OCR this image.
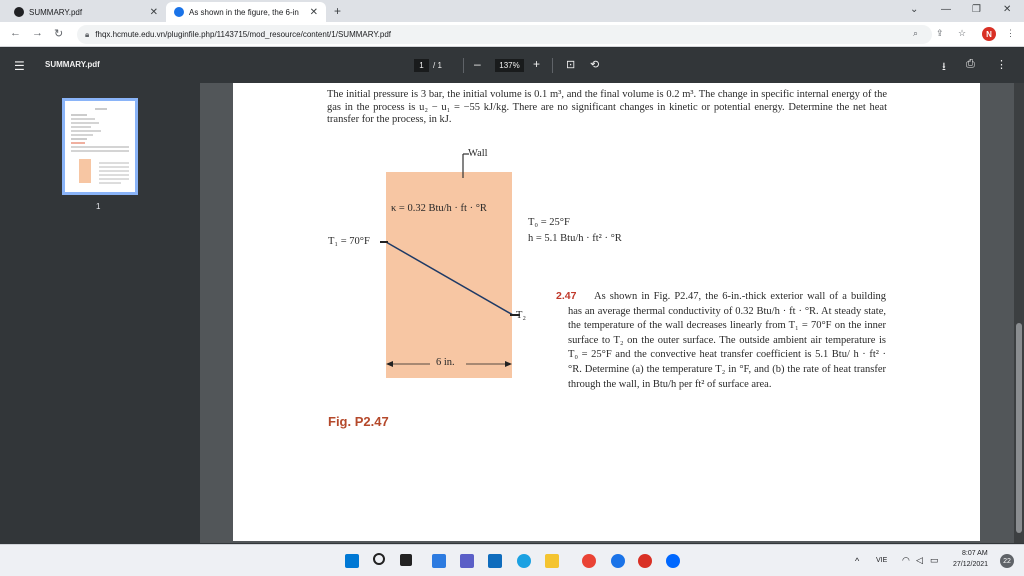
SUMMARY.pdf	✕	As shown in the figure, the 6-in	✕ +	⌄ — ❐ ✕
← → ↻	🔒︎ fhqx.hcmute.edu.vn/pluginfile.php/1143715/mod_resource/content/1/SUMMARY.pdf	⌕ ⇪ ☆	N	⋮
☰	SUMMARY.pdf	1	/ 1	–	137%	+ ⊡ ⟲	⭳ ⎙ ⋮
1

The initial pressure is 3 bar, the initial volume is 0.1 m³, and the final volume is 0.2 m³. The change in specific internal energy of the gas in the process is u₂ − u₁ = −55 kJ/kg. There are no significant changes in kinetic or potential energy. Determine the net heat transfer for the process, in kJ.

Wall
κ = 0.32 Btu/h · ft · °R
T₀ = 25°F
h = 5.1 Btu/h · ft² · °R
T₁ = 70°F
T₂
6 in.
Fig. P2.47
2.47	As shown in Fig. P2.47, the 6-in.-thick exterior wall of a building has an average thermal conductivity of 0.32 Btu/h · ft · °R. At steady state, the temperature of the wall decreases linearly from T₁ = 70°F on the inner surface to T₂ on the outer surface. The outside ambient air temperature is T₀ = 25°F and the convective heat transfer coefficient is 5.1 Btu/ h · ft² · °R. Determine (a) the temperature T₂ in °F, and (b) the rate of heat transfer through the wall, in Btu/h per ft² of surface area.

^ VIE ◠ ◁ ▭
8:07 AM
27/12/2021	22
